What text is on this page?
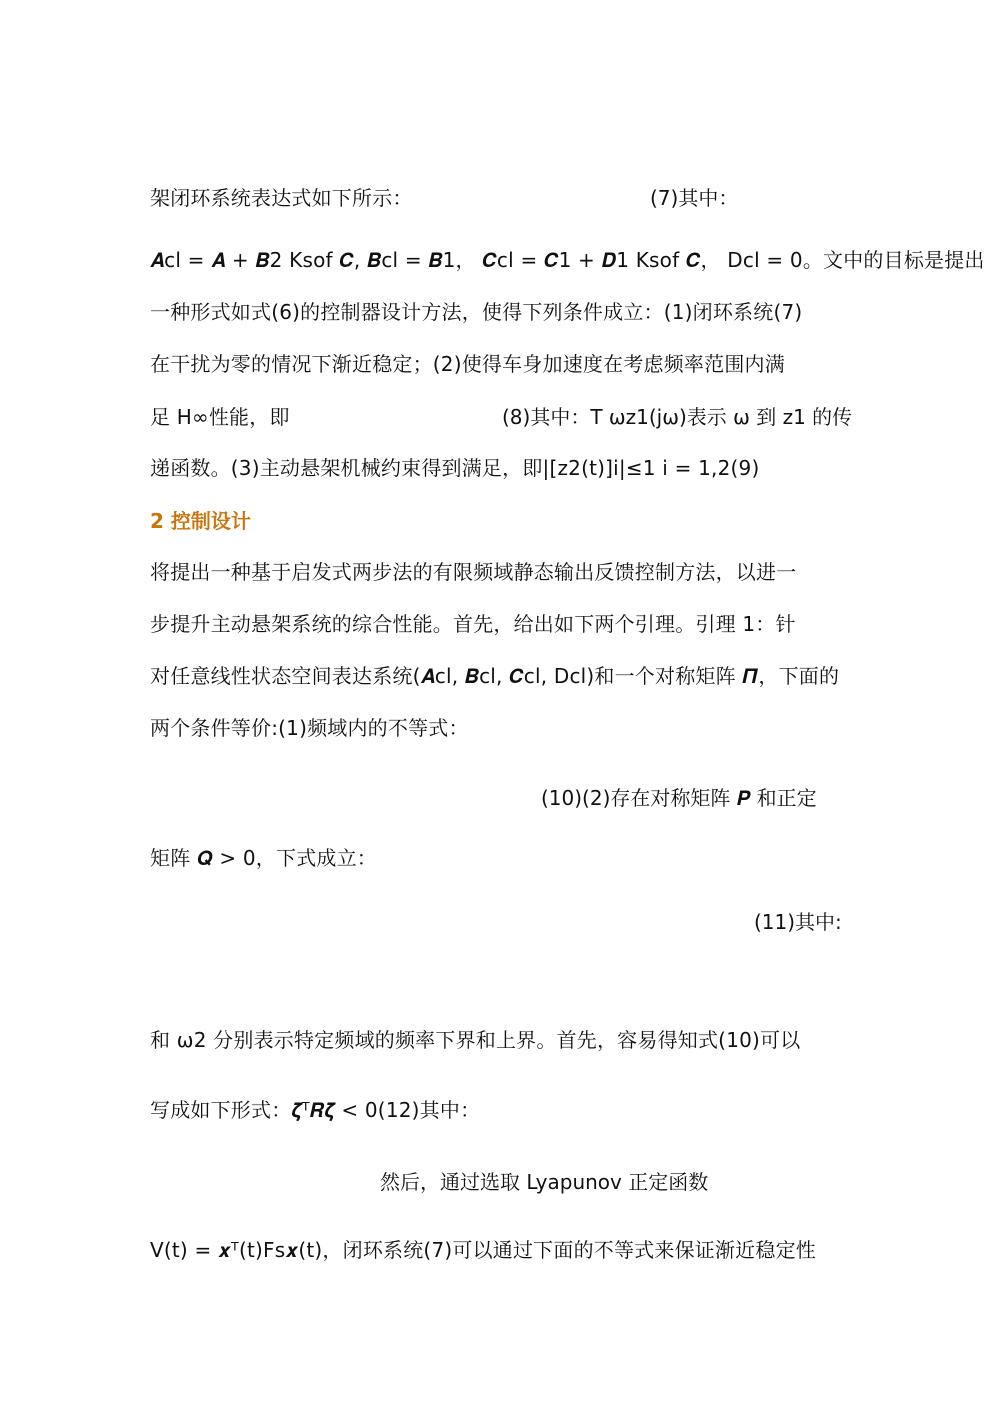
架闭环系统表达式如下所示：	(7)其中：
𝑨cl = 𝑨 + 𝑩2 Ksof 𝑪, 𝑩cl = 𝑩1， 𝑪cl = 𝑪1 + 𝑫1 Ksof 𝑪， Dcl = 0。文中的目标是提出
一种形式如式(6)的控制器设计方法，使得下列条件成立：(1)闭环系统(7)
在干扰为零的情况下渐近稳定；(2)使得车身加速度在考虑频率范围内满
足 H∞性能，即	(8)其中：T ωz1(jω)表示 ω 到 z1 的传
递函数。(3)主动悬架机械约束得到满足，即|[z2(t)]i|≤1 i = 1,2(9)
2 控制设计
将提出一种基于启发式两步法的有限频域静态输出反馈控制方法，以进一
步提升主动悬架系统的综合性能。首先，给出如下两个引理。引理 1：针
对任意线性状态空间表达系统(𝑨cl, 𝑩cl, 𝑪cl, Dcl)和一个对称矩阵 𝜫，下面的
两个条件等价:(1)频域内的不等式：
(10)(2)存在对称矩阵 𝑷 和正定
矩阵 𝑸 > 0，下式成立：
(11)其中:
和 ω2 分别表示特定频域的频率下界和上界。首先，容易得知式(10)可以
写成如下形式：𝜻ᵀ𝑹𝜻 < 0(12)其中：
然后，通过选取 Lyapunov 正定函数
V(t) = 𝒙ᵀ(t)Fs𝒙(t)，闭环系统(7)可以通过下面的不等式来保证渐近稳定性
